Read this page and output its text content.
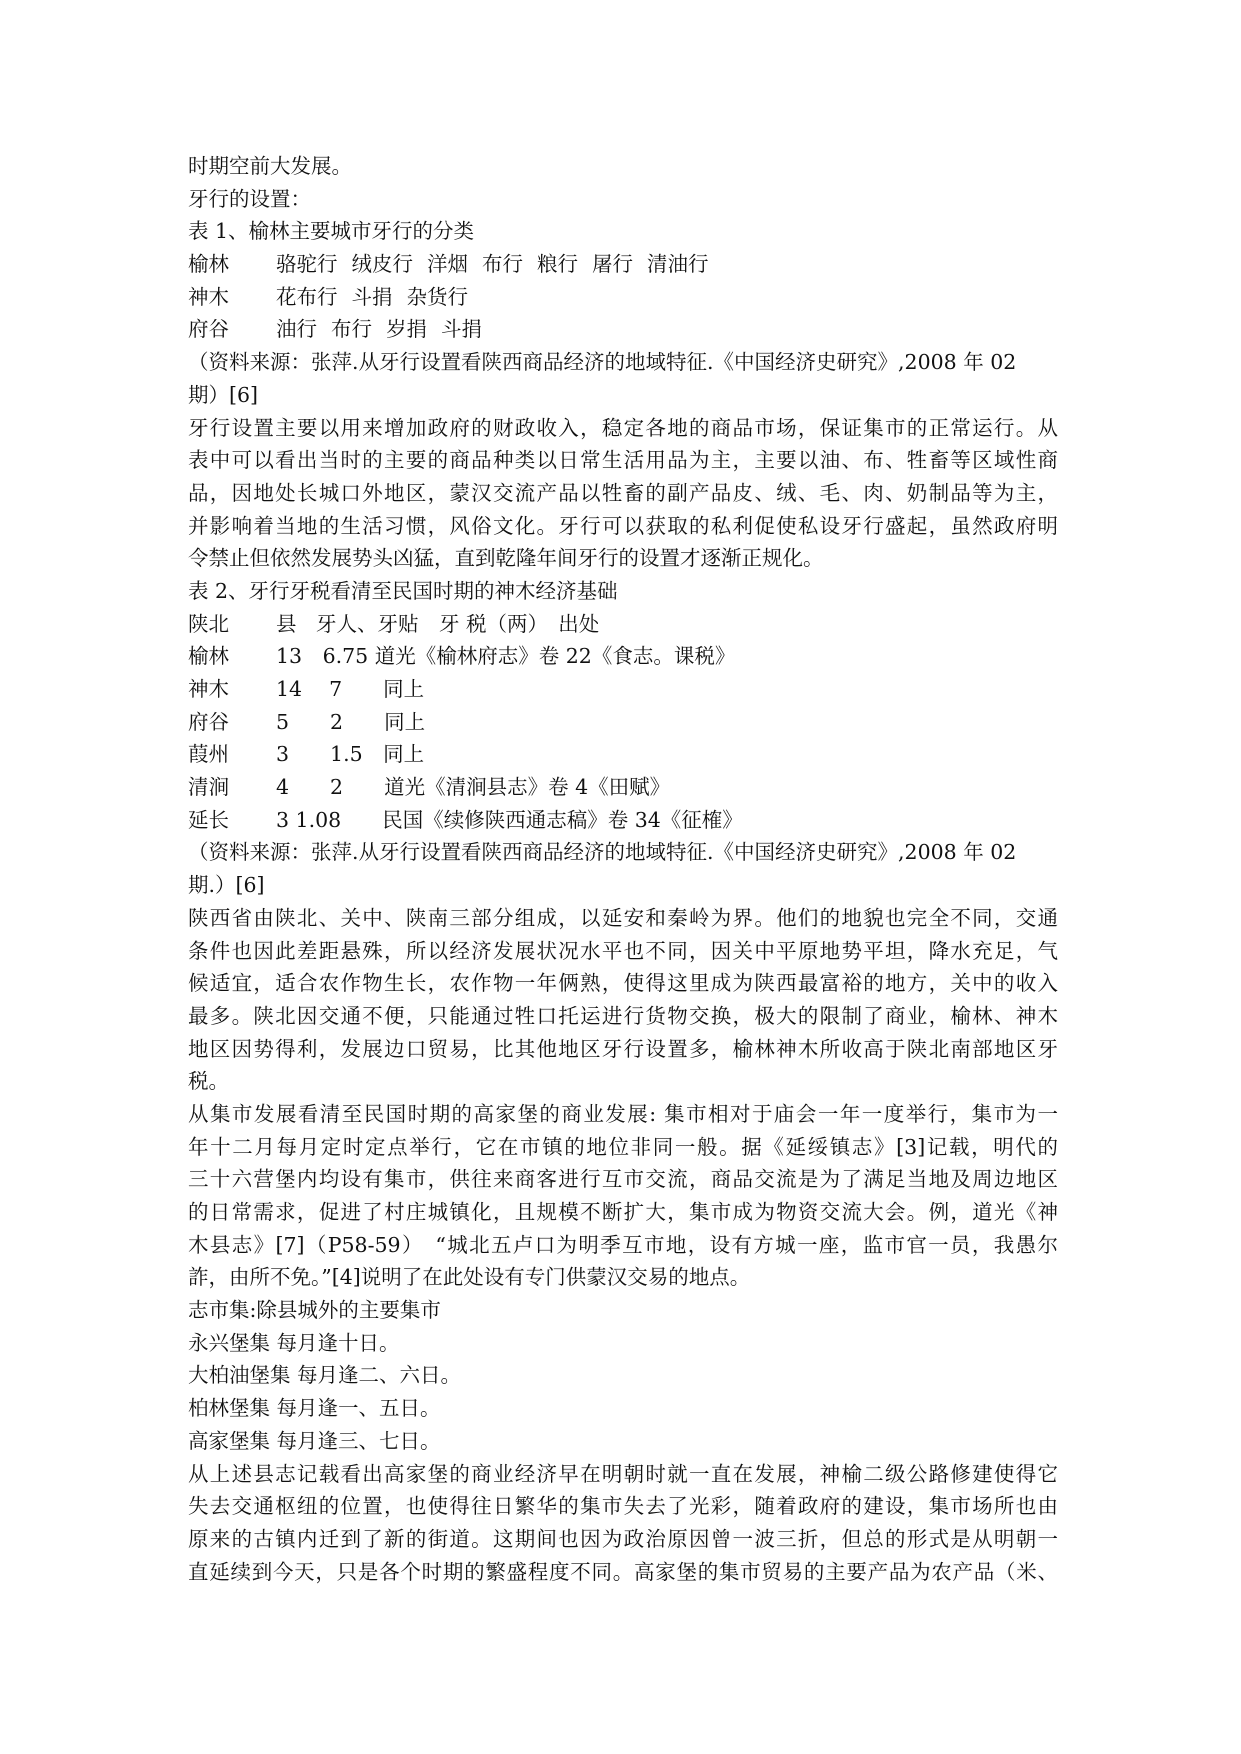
时期空前大发展。
牙行的设置：
表 1、榆林主要城市牙行的分类
榆林 骆驼行 绒皮行 洋烟 布行 粮行 屠行 清油行
神木 花布行 斗捐 杂货行
府谷 油行 布行 岁捐 斗捐
（资料来源：张萍.从牙行设置看陕西商品经济的地域特征.《中国经济史研究》,2008 年 02
期）[6]
牙行设置主要以用来增加政府的财政收入，稳定各地的商品市场，保证集市的正常运行。从
表中可以看出当时的主要的商品种类以日常生活用品为主，主要以油、布、牲畜等区域性商
品，因地处长城口外地区，蒙汉交流产品以牲畜的副产品皮、绒、毛、肉、奶制品等为主，
并影响着当地的生活习惯，风俗文化。牙行可以获取的私利促使私设牙行盛起，虽然政府明
令禁止但依然发展势头凶猛，直到乾隆年间牙行的设置才逐渐正规化。
表 2、牙行牙税看清至民国时期的神木经济基础
陕北 县 牙人、牙贴　牙 税（两）　出处
榆林 13　6.75 道光《榆林府志》卷 22《食志。课税》
神木 14　 7　　同上
府谷 5　　2　　同上
葭州 3　　1.5　同上
清涧 4　　2　　道光《清涧县志》卷 4《田赋》
延长 3 1.08　　民国《续修陕西通志稿》卷 34《征榷》
（资料来源：张萍.从牙行设置看陕西商品经济的地域特征.《中国经济史研究》,2008 年 02
期.）[6]
陕西省由陕北、关中、陕南三部分组成，以延安和秦岭为界。他们的地貌也完全不同，交通
条件也因此差距悬殊，所以经济发展状况水平也不同，因关中平原地势平坦，降水充足，气
候适宜，适合农作物生长，农作物一年俩熟，使得这里成为陕西最富裕的地方，关中的收入
最多。陕北因交通不便，只能通过牲口托运进行货物交换，极大的限制了商业，榆林、神木
地区因势得利，发展边口贸易，比其他地区牙行设置多，榆林神木所收高于陕北南部地区牙
税。
从集市发展看清至民国时期的高家堡的商业发展: 集市相对于庙会一年一度举行，集市为一
年十二月每月定时定点举行，它在市镇的地位非同一般。据《延绥镇志》[3]记载，明代的
三十六营堡内均设有集市，供往来商客进行互市交流，商品交流是为了满足当地及周边地区
的日常需求，促进了村庄城镇化，且规模不断扩大，集市成为物资交流大会。例，道光《神
木县志》[7]（P58-59）　“城北五卢口为明季互市地，设有方城一座，监市官一员，我愚尔
詐，由所不免。”[4]说明了在此处设有专门供蒙汉交易的地点。
志市集:除县城外的主要集市
永兴堡集 每月逢十日。
大柏油堡集 每月逢二、六日。
柏林堡集 每月逢一、五日。
高家堡集 每月逢三、七日。
从上述县志记载看出高家堡的商业经济早在明朝时就一直在发展，神榆二级公路修建使得它
失去交通枢纽的位置，也使得往日繁华的集市失去了光彩，随着政府的建设，集市场所也由
原来的古镇内迁到了新的街道。这期间也因为政治原因曾一波三折，但总的形式是从明朝一
直延续到今天，只是各个时期的繁盛程度不同。高家堡的集市贸易的主要产品为农产品（米、
